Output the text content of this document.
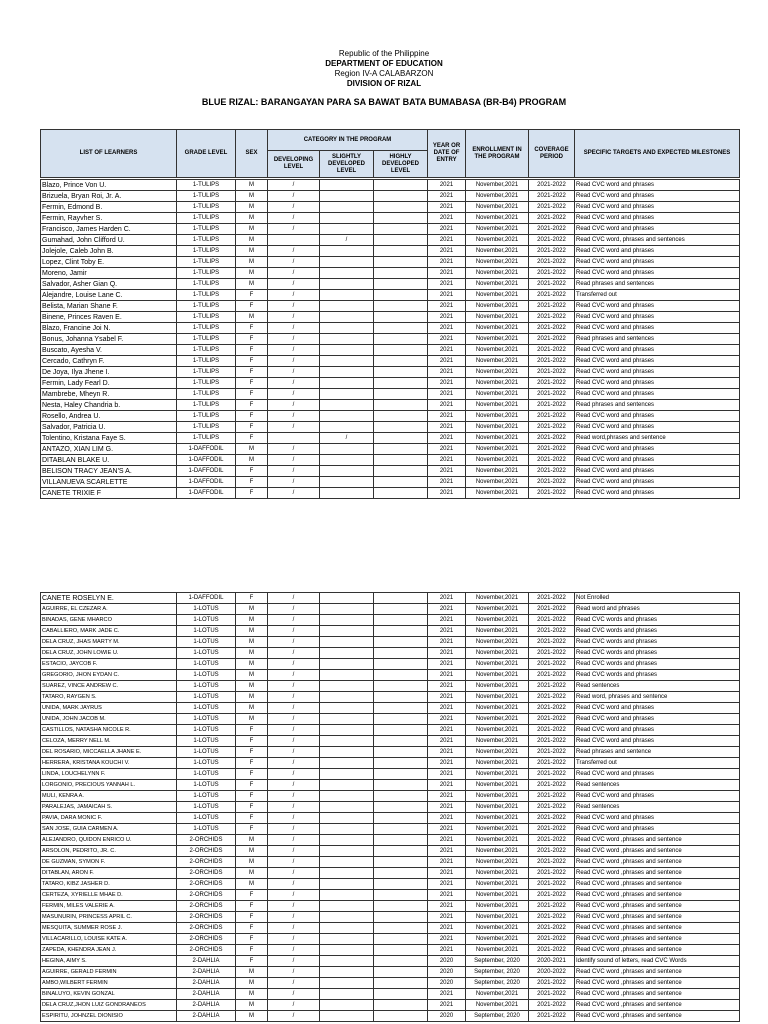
Republic of the Philippine
DEPARTMENT OF EDUCATION
Region IV-A CALABARZON
DIVISION OF RIZAL
BLUE RIZAL: BARANGAYAN PARA SA BAWAT BATA BUMABASA (BR-B4) PROGRAM
LIST OF LEARNERS	GRADE LEVEL	SEX	CATEGORY IN THE PROGRAM			YEAR OR DATE OF ENTRY	ENROLLMENT IN THE PROGRAM	COVERAGE PERIOD	SPECIFIC TARGETS AND EXPECTED MILESTONES
			DEVELOPING LEVEL	SLIGHTLY DEVELOPED LEVEL	HIGHLY DEVELOPED LEVEL				
Blazo, Prince Von U.	1-TULIPS	M	/			2021	November,2021	2021-2022	Read CVC word and phrases
Brizuela, Bryan Roi, Jr. A.	1-TULIPS	M	/			2021	November,2021	2021-2022	Read CVC word and phrases
Fermin, Edmond B.	1-TULIPS	M	/			2021	November,2021	2021-2022	Read CVC word and phrases
Fermin, Rayvher S.	1-TULIPS	M	/			2021	November,2021	2021-2022	Read CVC word and phrases
Francisco, James Harden C.	1-TULIPS	M	/			2021	November,2021	2021-2022	Read CVC word and phrases
Gumahad, John Clifford U.	1-TULIPS	M		/		2021	November,2021	2021-2022	Read CVC word, phrases and sentences
Jolejole, Caleb John B.	1-TULIPS	M	/			2021	November,2021	2021-2022	Read CVC word and phrases
Lopez, Clint Toby E.	1-TULIPS	M	/			2021	November,2021	2021-2022	Read CVC word and phrases
Moreno, Jamir	1-TULIPS	M	/			2021	November,2021	2021-2022	Read CVC word and phrases
Salvador, Asher Gian Q.	1-TULIPS	M	/			2021	November,2021	2021-2022	Read phrases and sentences
Alejandre, Louise Lane C.	1-TULIPS	F	/			2021	November,2021	2021-2022	Transferred out
Belista, Marian Shane F.	1-TULIPS	F	/			2021	November,2021	2021-2022	Read CVC word and phrases
Binene, Princes Raven E.	1-TULIPS	M	/			2021	November,2021	2021-2022	Read CVC word and phrases
Blazo, Francine Joi N.	1-TULIPS	F	/			2021	November,2021	2021-2022	Read CVC word and phrases
Bonus, Johanna Ysabel F.	1-TULIPS	F	/			2021	November,2021	2021-2022	Read phrases and sentences
Buscato, Ayesha V.	1-TULIPS	F	/			2021	November,2021	2021-2022	Read CVC word and phrases
Cercado, Cathryn F.	1-TULIPS	F	/			2021	November,2021	2021-2022	Read CVC word and phrases
De Joya, Ilya Jhene I.	1-TULIPS	F	/			2021	November,2021	2021-2022	Read CVC word and phrases
Fermin, Lady Fearl D.	1-TULIPS	F	/			2021	November,2021	2021-2022	Read CVC word and phrases
Mambrebe, Mheyn R.	1-TULIPS	F	/			2021	November,2021	2021-2022	Read CVC word and phrases
Nesta, Haley Chandria b.	1-TULIPS	F	/			2021	November,2021	2021-2022	Read phrases and sentences
Rosello, Andrea U.	1-TULIPS	F	/			2021	November,2021	2021-2022	Read CVC word and phrases
Salvador, Patricia U.	1-TULIPS	F	/			2021	November,2021	2021-2022	Read CVC word and phrases
Tolentino, Kristana Faye S.	1-TULIPS	F		/		2021	November,2021	2021-2022	Read word,phrases and sentence
ANTAZO, XIAN LIM G.	1-DAFFODIL	M	/			2021	November,2021	2021-2022	Read CVC word and phrases
DITABLAN BLAKE U.	1-DAFFODIL	M	/			2021	November,2021	2021-2022	Read CVC word and phrases
BELISON TRACY JEAN'S A.	1-DAFFODIL	F	/			2021	November,2021	2021-2022	Read CVC word and phrases
VILLANUEVA SCARLETTE	1-DAFFODIL	F	/			2021	November,2021	2021-2022	Read CVC word and phrases
CANETE TRIXIE F	1-DAFFODIL	F	/			2021	November,2021	2021-2022	Read CVC word and phrases
CANETE ROSELYN E.	1-DAFFODIL	F	/			2021	November,2021	2021-2022	Not Enrolled
AGUIRRE, EL CZEZAR A.	1-LOTUS	M	/			2021	November,2021	2021-2022	Read word and phrases
BINADAS, GENE MHARCO	1-LOTUS	M	/			2021	November,2021	2021-2022	Read CVC words and phrases
CABALLIERO, MARK JADE C.	1-LOTUS	M	/			2021	November,2021	2021-2022	Read CVC words and phrases
DELA CRUZ, JHAS MARTY M.	1-LOTUS	M	/			2021	November,2021	2021-2022	Read CVC words and phrases
DELA CRUZ, JOHN LOWIE U.	1-LOTUS	M	/			2021	November,2021	2021-2022	Read CVC words and phrases
ESTACIO, JAYCOB F.	1-LOTUS	M	/			2021	November,2021	2021-2022	Read CVC words and phrases
GREGORIO, JHON EYDAN C.	1-LOTUS	M	/			2021	November,2021	2021-2022	Read CVC words and phrases
SUAREZ, VINCE ANDREW C.	1-LOTUS	M	/			2021	November,2021	2021-2022	Read sentences
TATARO, RAYGEN S.	1-LOTUS	M	/			2021	November,2021	2021-2022	Read word, phrases and sentence
UNIDA, MARK JAYRUS	1-LOTUS	M	/			2021	November,2021	2021-2022	Read CVC word and phrases
UNIDA, JOHN JACOB M.	1-LOTUS	M	/			2021	November,2021	2021-2022	Read CVC word and phrases
CASTILLOS, NATASHA NICOLE R.	1-LOTUS	F	/			2021	November,2021	2021-2022	Read CVC word and phrases
CELOZA, MERRY NELL M.	1-LOTUS	F	/			2021	November,2021	2021-2022	Read CVC word and phrases
DEL ROSARIO, MICCAELLA JHANE E.	1-LOTUS	F	/			2021	November,2021	2021-2022	Read phrases and sentence
HERRERA, KRISTANA KOUCHI V.	1-LOTUS	F	/			2021	November,2021	2021-2022	Transferred out
LINDA, LOUCHELYNN F.	1-LOTUS	F	/			2021	November,2021	2021-2022	Read CVC word and phrases
LORGONIO, PRECIOUS YANNAH L.	1-LOTUS	F	/			2021	November,2021	2021-2022	Read sentences
MULI, KENRA A.	1-LOTUS	F	/			2021	November,2021	2021-2022	Read CVC word and phrases
PARALEJAS, JAMAICAH S.	1-LOTUS	F	/			2021	November,2021	2021-2022	Read sentences
PAVIA, DARA MONIC F.	1-LOTUS	F	/			2021	November,2021	2021-2022	Read CVC word and phrases
SAN JOSE, GUIA CARMEN A.	1-LOTUS	F	/			2021	November,2021	2021-2022	Read CVC word and phrases
ALEJANDRO, QUIDON ENRICO U.	2-ORCHIDS	M	/			2021	November,2021	2021-2022	Read CVC word ,phrases and sentence
ARSOLON, PEDRITO, JR. C.	2-ORCHIDS	M	/			2021	November,2021	2021-2022	Read CVC word ,phrases and sentence
DE GUZMAN, SYMON F.	2-ORCHIDS	M	/			2021	November,2021	2021-2022	Read CVC word ,phrases and sentence
DITABLAN, ARON F.	2-ORCHIDS	M	/			2021	November,2021	2021-2022	Read CVC word ,phrases and sentence
TATARO, KIBZ JASHER D.	2-ORCHIDS	M	/			2021	November,2021	2021-2022	Read CVC word ,phrases and sentence
CERTEZA, XYRIELLE MHAE D.	2-ORCHIDS	F	/			2021	November,2021	2021-2022	Read CVC word ,phrases and sentence
FERMIN, MILES VALERIE A.	2-ORCHIDS	F	/			2021	November,2021	2021-2022	Read CVC word ,phrases and sentence
MASUNURIN, PRINCESS APRIL C.	2-ORCHIDS	F	/			2021	November,2021	2021-2022	Read CVC word ,phrases and sentence
MESQUITA, SUMMER ROSE J.	2-ORCHIDS	F	/			2021	November,2021	2021-2022	Read CVC word ,phrases and sentence
VILLACARILLO, LOUISE KATE A.	2-ORCHIDS	F	/			2021	November,2021	2021-2022	Read CVC word ,phrases and sentence
ZAPEDA, KHENDRA JEAN J.	2-ORCHIDS	F	/			2021	November,2021	2021-2022	Read CVC word ,phrases and sentence
HEGINA, AIMY S.	2-DAHLIA	F	/			2020	September, 2020	2020-2021	Identify sound of letters, read CVC Words
AGUIRRE, GERALD FERMIN	2-DAHLIA	M	/			2020	September, 2020	2020-2022	Read CVC word ,phrases and sentence
AMBO,WILBERT FERMIN	2-DAHLIA	M	/			2020	September, 2020	2021-2022	Read CVC word ,phrases and sentence
BINALUYO, KEVIN GONZAL	2-DAHLIA	M	/			2021	November,2021	2021-2022	Read CVC word ,phrases and sentence
DELA CRUZ,JHON LUIZ GONDRANEOS	2-DAHLIA	M	/			2021	November,2021	2021-2022	Read CVC word ,phrases and sentence
ESPIRITU, JOHNZEL DIONISIO	2-DAHLIA	M	/			2020	September, 2020	2021-2022	Read CVC word ,phrases and sentence
